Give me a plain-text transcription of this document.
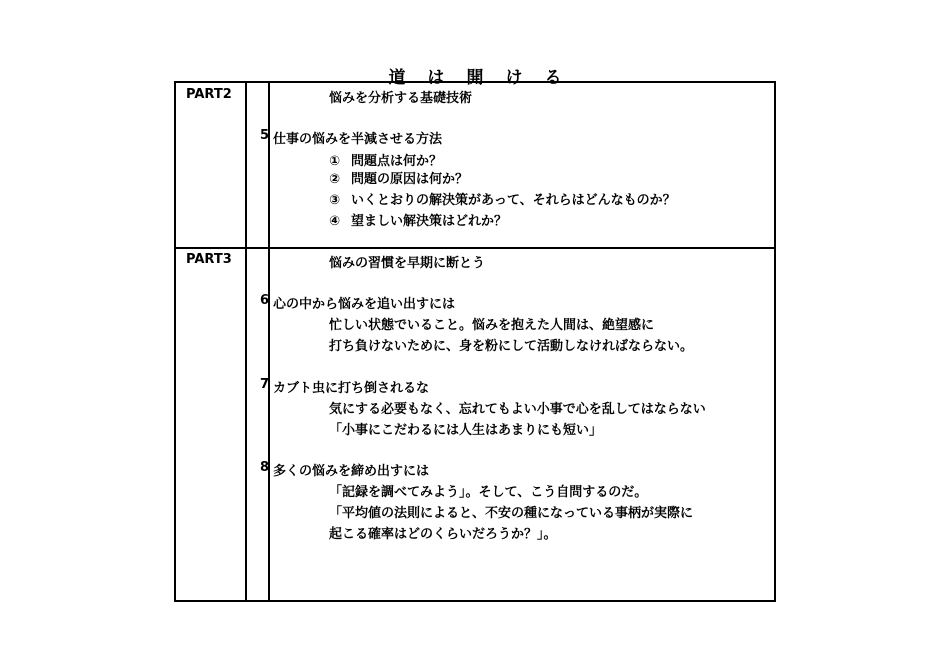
道は開ける
PART2	悩みを分析する基礎技術
5 仕事の悩みを半減させる方法
① 問題点は何か？
② 問題の原因は何か？
③ いくとおりの解決策があって、それらはどんなものか？
④ 望ましい解決策はどれか？
PART3	悩みの習慣を早期に断とう
6 心の中から悩みを追い出すには
忙しい状態でいること。悩みを抱えた人間は、絶望感に
打ち負けないために、身を粉にして活動しなければならない。
7 カブト虫に打ち倒されるな
気にする必要もなく、忘れてもよい小事で心を乱してはならない
「小事にこだわるには人生はあまりにも短い」
8 多くの悩みを締め出すには
「記録を調べてみよう」。そして、こう自問するのだ。
「平均値の法則によると、不安の種になっている事柄が実際に
起こる確率はどのくらいだろうか？」。
